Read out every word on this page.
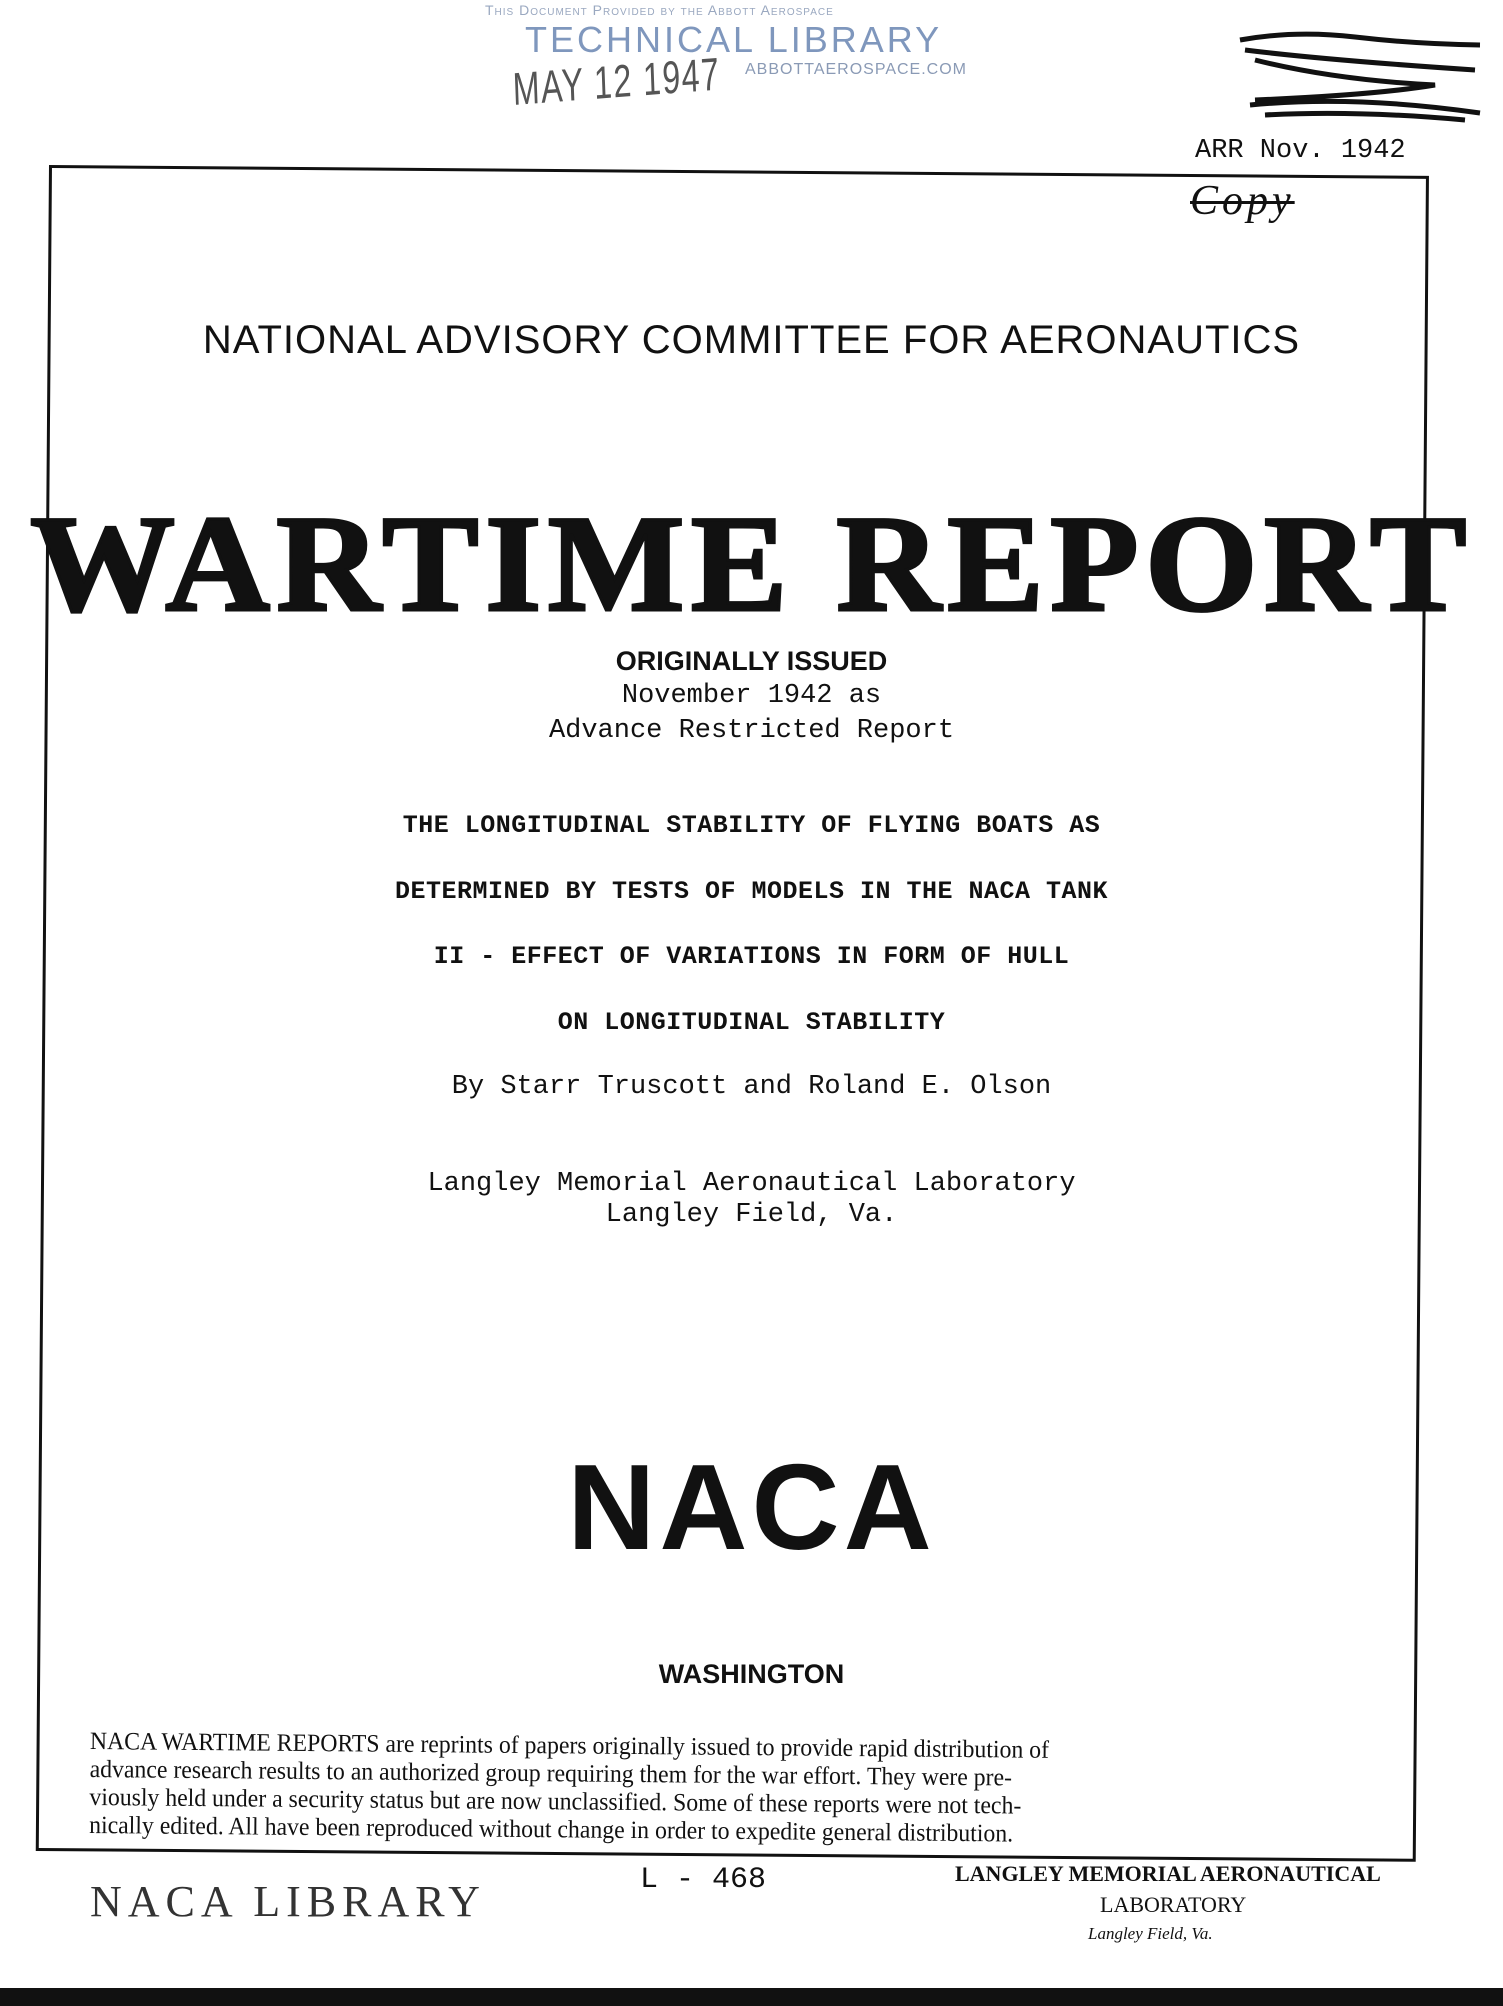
This Document Provided by the Abbott Aerospace
TECHNICAL LIBRARY
ABBOTTAEROSPACE.COM
MAY 12 1947
ARR Nov. 1942
Copy
NATIONAL ADVISORY COMMITTEE FOR AERONAUTICS
WARTIME REPORT
ORIGINALLY ISSUED
November 1942 as
Advance Restricted Report
THE LONGITUDINAL STABILITY OF FLYING BOATS AS
DETERMINED BY TESTS OF MODELS IN THE NACA TANK
II - EFFECT OF VARIATIONS IN FORM OF HULL
ON LONGITUDINAL STABILITY
By Starr Truscott and Roland E. Olson
Langley Memorial Aeronautical Laboratory
Langley Field, Va.
NACA
WASHINGTON
NACA WARTIME REPORTS are reprints of papers originally issued to provide rapid distribution of
advance research results to an authorized group requiring them for the war effort. They were pre-
viously held under a security status but are now unclassified. Some of these reports were not tech-
nically edited. All have been reproduced without change in order to expedite general distribution.
NACA LIBRARY	L - 468	LANGLEY MEMORIAL AERONAUTICAL
LABORATORY
Langley Field, Va.
